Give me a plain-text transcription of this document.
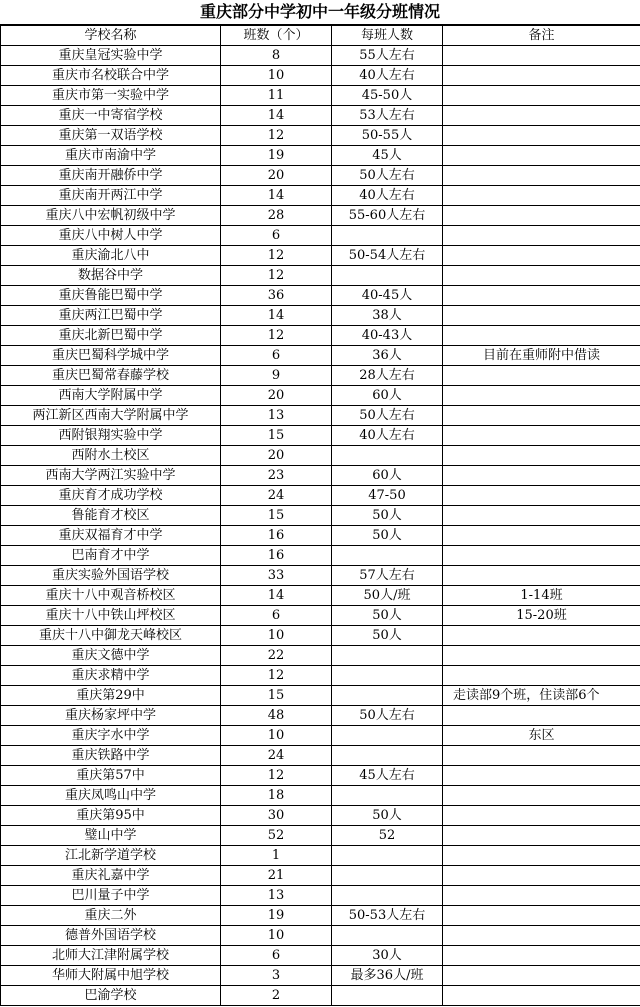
重庆部分中学初中一年级分班情况
学校名称	班数（个）	每班人数	备注
重庆皇冠实验中学	8	55人左右	
重庆市名校联合中学	10	40人左右	
重庆市第一实验中学	11	45-50人	
重庆一中寄宿学校	14	53人左右	
重庆第一双语学校	12	50-55人	
重庆市南渝中学	19	45人	
重庆南开融侨中学	20	50人左右	
重庆南开两江中学	14	40人左右	
重庆八中宏帆初级中学	28	55-60人左右	
重庆八中树人中学	6		
重庆渝北八中	12	50-54人左右	
数据谷中学	12		
重庆鲁能巴蜀中学	36	40-45人	
重庆两江巴蜀中学	14	38人	
重庆北新巴蜀中学	12	40-43人	
重庆巴蜀科学城中学	6	36人	目前在重师附中借读
重庆巴蜀常春藤学校	9	28人左右	
西南大学附属中学	20	60人	
两江新区西南大学附属中学	13	50人左右	
西附银翔实验中学	15	40人左右	
西附水土校区	20		
西南大学两江实验中学	23	60人	
重庆育才成功学校	24	47-50	
鲁能育才校区	15	50人	
重庆双福育才中学	16	50人	
巴南育才中学	16		
重庆实验外国语学校	33	57人左右	
重庆十八中观音桥校区	14	50人/班	1-14班
重庆十八中铁山坪校区	6	50人	15-20班
重庆十八中御龙天峰校区	10	50人	
重庆文德中学	22		
重庆求精中学	12		
重庆第29中	15		走读部9个班，住读部6个
重庆杨家坪中学	48	50人左右	
重庆字水中学	10		东区
重庆铁路中学	24		
重庆第57中	12	45人左右	
重庆凤鸣山中学	18		
重庆第95中	30	50人	
璧山中学	52	52	
江北新学道学校	1		
重庆礼嘉中学	21		
巴川量子中学	13		
重庆二外	19	50-53人左右	
德普外国语学校	10		
北师大江津附属学校	6	30人	
华师大附属中旭学校	3	最多36人/班	
巴渝学校	2		
